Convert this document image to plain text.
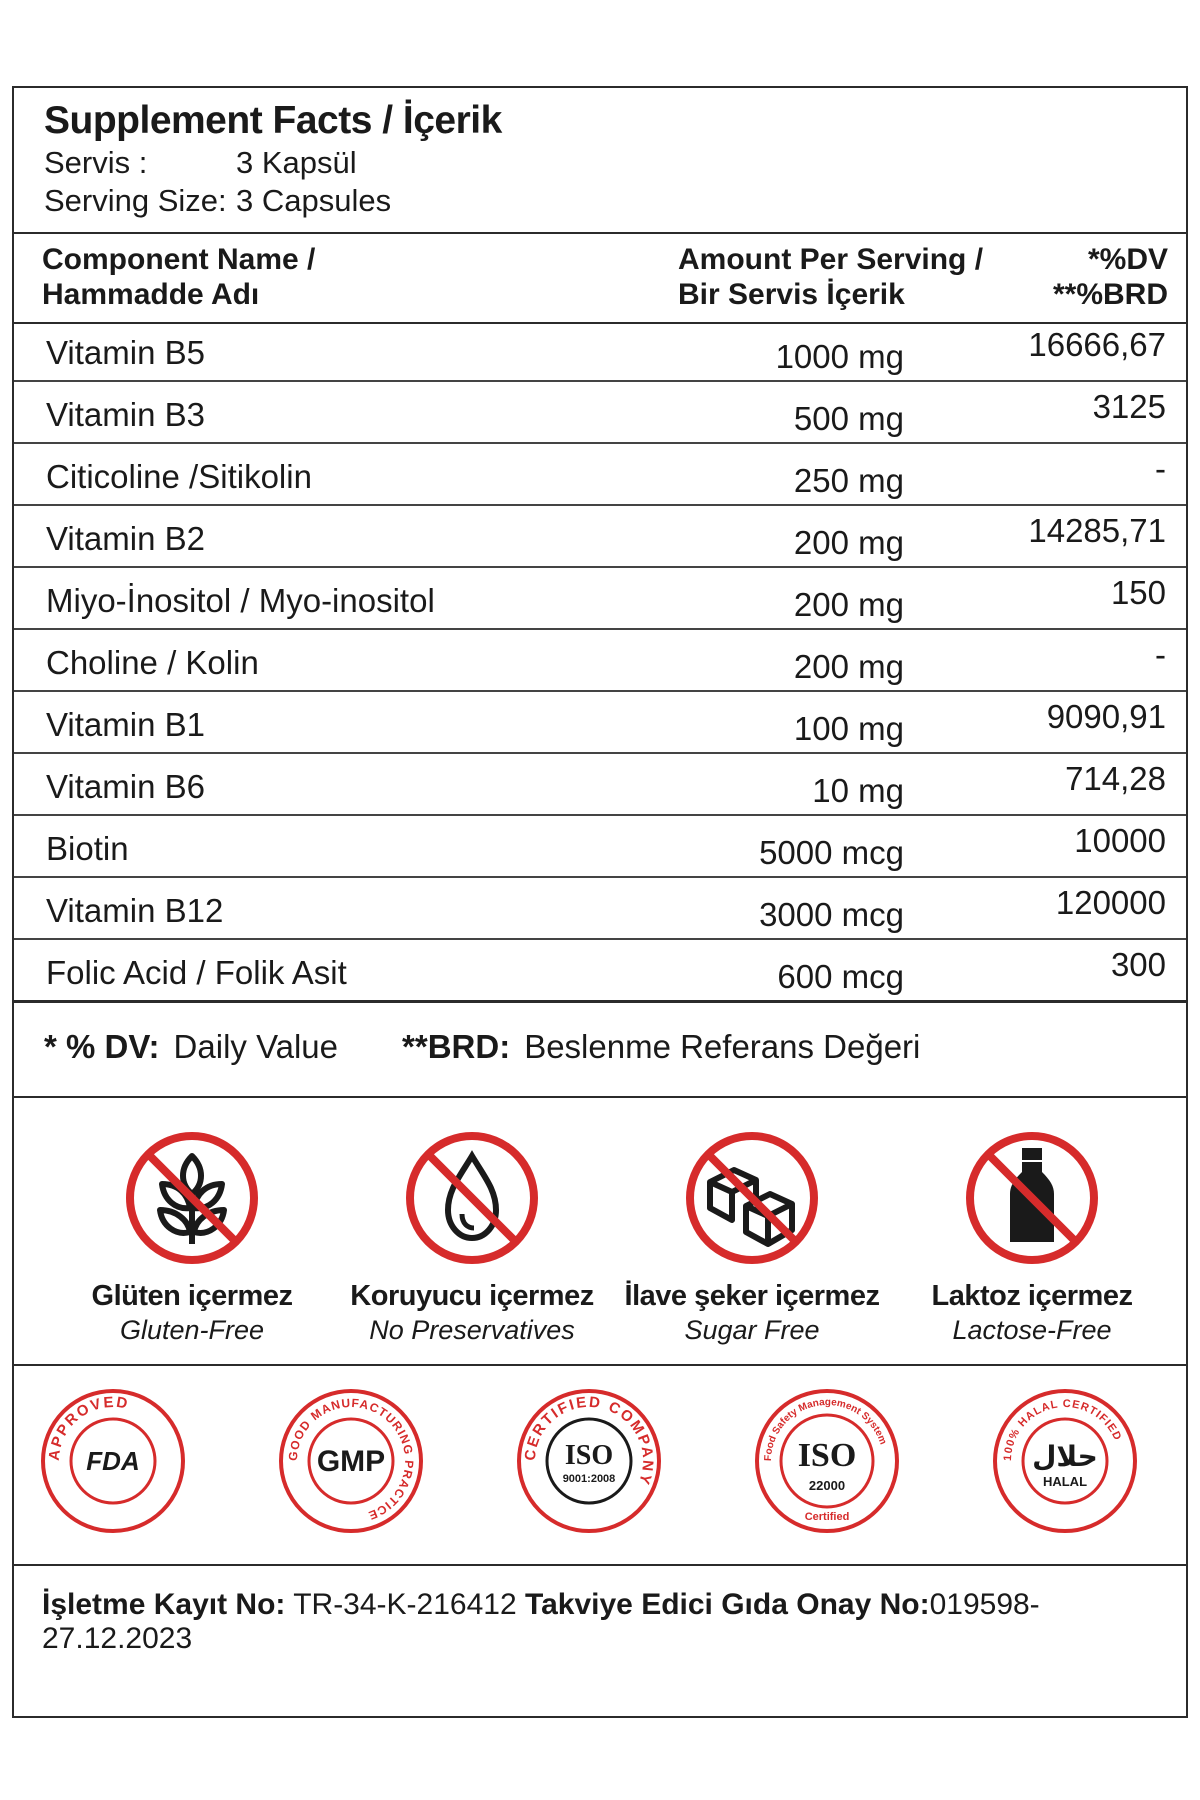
Supplement Facts / İçerik
Servis :	3 Kapsül
Serving Size: 3 Capsules
Component Name /
Hammadde Adı
Amount Per Serving /
Bir Servis İçerik
*%DV
**%BRD
Vitamin B5	1000 mg	16666,67
Vitamin B3	500 mg	3125
Citicoline /Sitikolin	250 mg	-
Vitamin B2	200 mg	14285,71
Miyo-İnositol / Myo-inositol	200 mg	150
Choline / Kolin	200 mg	-
Vitamin B1	100 mg	9090,91
Vitamin B6	10 mg	714,28
Biotin	5000 mcg	10000
Vitamin B12	3000 mcg	120000
Folic Acid / Folik Asit	600 mcg	300
* % DV: Daily Value **BRD: Beslenme Referans Değeri
Glüten içermez
Gluten-Free
Koruyucu içermez
No Preservatives
İlave şeker içermez
Sugar Free
Laktoz içermez
Lactose-Free
APPROVED
FDA	GOOD MANUFACTURING PRACTICE
GMP	CERTIFIED COMPANY
ISO
9001:2008
Food Safety Management System
ISO
22000
Certified
100% HALAL CERTIFIED
حلال
HALAL
İşletme Kayıt No: TR-34-K-216412 Takviye Edici Gıda Onay No:019598-27.12.2023
